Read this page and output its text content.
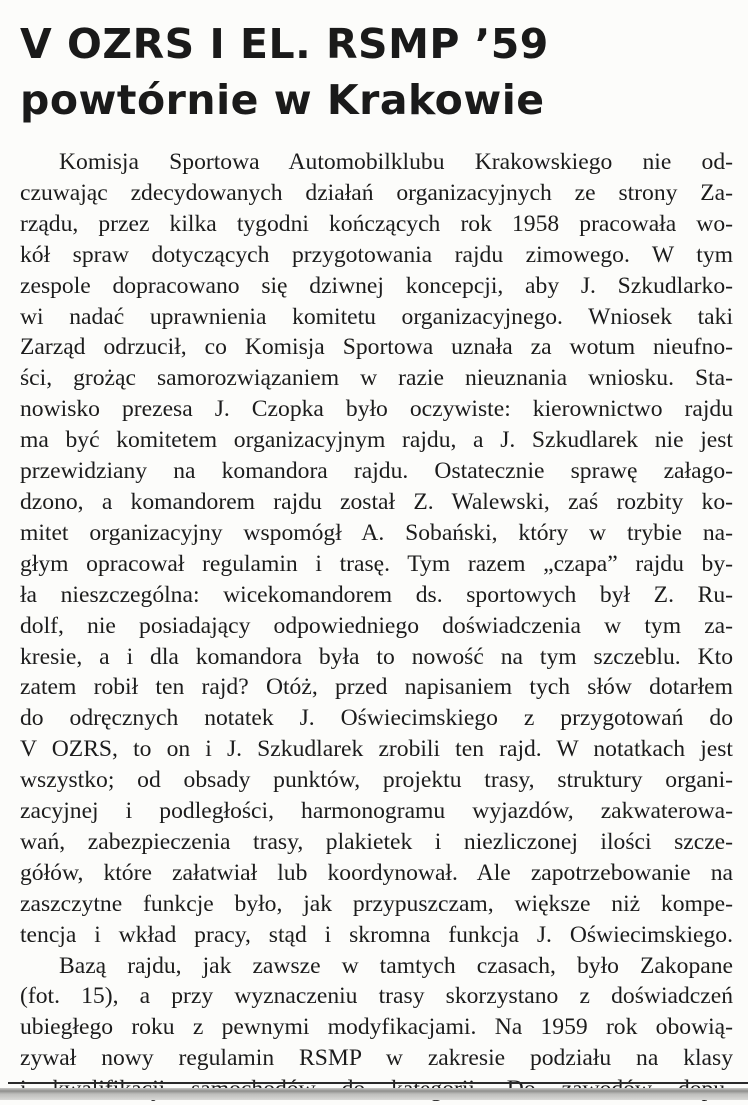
V OZRS I EL. RSMP ’59
powtórnie w Krakowie
Komisja Sportowa Automobilklubu Krakowskiego nie od-
czuwając zdecydowanych działań organizacyjnych ze strony Za-
rządu, przez kilka tygodni kończących rok 1958 pracowała wo-
kół spraw dotyczących przygotowania rajdu zimowego. W tym
zespole dopracowano się dziwnej koncepcji, aby J. Szkudlarko-
wi nadać uprawnienia komitetu organizacyjnego. Wniosek taki
Zarząd odrzucił, co Komisja Sportowa uznała za wotum nieufno-
ści, grożąc samorozwiązaniem w razie nieuznania wniosku. Sta-
nowisko prezesa J. Czopka było oczywiste: kierownictwo rajdu
ma być komitetem organizacyjnym rajdu, a J. Szkudlarek nie jest
przewidziany na komandora rajdu. Ostatecznie sprawę załago-
dzono, a komandorem rajdu został Z. Walewski, zaś rozbity ko-
mitet organizacyjny wspomógł A. Sobański, który w trybie na-
głym opracował regulamin i trasę. Tym razem „czapa” rajdu by-
ła nieszczególna: wicekomandorem ds. sportowych był Z. Ru-
dolf, nie posiadający odpowiedniego doświadczenia w tym za-
kresie, a i dla komandora była to nowość na tym szczeblu. Kto
zatem robił ten rajd? Otóż, przed napisaniem tych słów dotarłem
do odręcznych notatek J. Oświecimskiego z przygotowań do
V OZRS, to on i J. Szkudlarek zrobili ten rajd. W notatkach jest
wszystko; od obsady punktów, projektu trasy, struktury organi-
zacyjnej i podległości, harmonogramu wyjazdów, zakwaterowa-
wań, zabezpieczenia trasy, plakietek i niezliczonej ilości szcze-
gółów, które załatwiał lub koordynował. Ale zapotrzebowanie na
zaszczytne funkcje było, jak przypuszczam, większe niż kompe-
tencja i wkład pracy, stąd i skromna funkcja J. Oświecimskiego.
Bazą rajdu, jak zawsze w tamtych czasach, było Zakopane
(fot. 15), a przy wyznaczeniu trasy skorzystano z doświadczeń
ubiegłego roku z pewnymi modyfikacjami. Na 1959 rok obowią-
zywał nowy regulamin RSMP w zakresie podziału na klasy
